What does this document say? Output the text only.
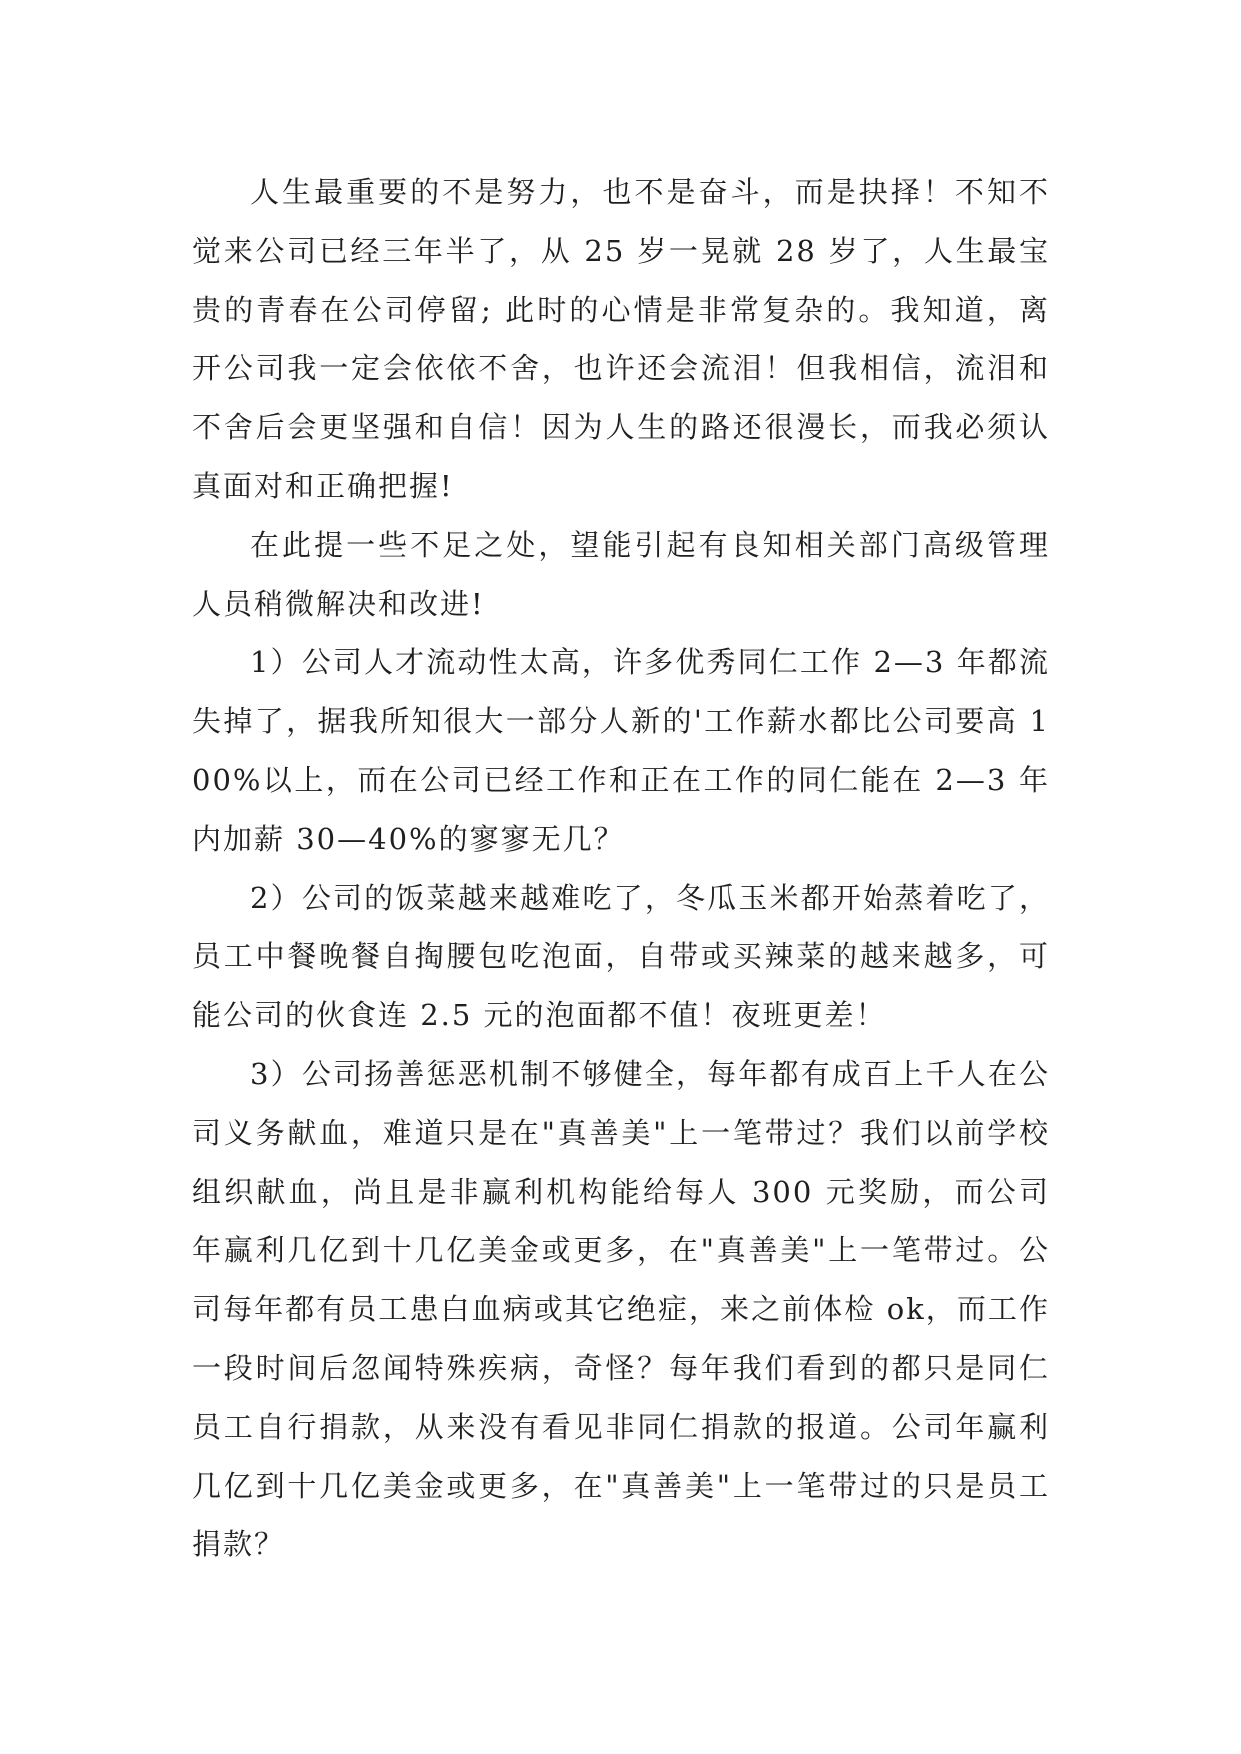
人生最重要的不是努力，也不是奋斗，而是抉择！不知不觉来公司已经三年半了，从 25 岁一晃就 28 岁了，人生最宝贵的青春在公司停留; 此时的心情是非常复杂的。我知道，离开公司我一定会依依不舍，也许还会流泪！但我相信，流泪和不舍后会更坚强和自信！因为人生的路还很漫长，而我必须认真面对和正确把握!

在此提一些不足之处，望能引起有良知相关部门高级管理人员稍微解决和改进!

1）公司人才流动性太高，许多优秀同仁工作 2—3 年都流失掉了，据我所知很大一部分人新的'工作薪水都比公司要高 100%以上，而在公司已经工作和正在工作的同仁能在 2—3 年内加薪 30—40%的寥寥无几？

2）公司的饭菜越来越难吃了，冬瓜玉米都开始蒸着吃了，员工中餐晚餐自掏腰包吃泡面，自带或买辣菜的越来越多，可能公司的伙食连 2.5 元的泡面都不值！夜班更差！

3）公司扬善惩恶机制不够健全，每年都有成百上千人在公司义务献血，难道只是在"真善美"上一笔带过？我们以前学校组织献血，尚且是非赢利机构能给每人 300 元奖励，而公司年赢利几亿到十几亿美金或更多，在"真善美"上一笔带过。公司每年都有员工患白血病或其它绝症，来之前体检 ok，而工作一段时间后忽闻特殊疾病，奇怪？每年我们看到的都只是同仁员工自行捐款，从来没有看见非同仁捐款的报道。公司年赢利几亿到十几亿美金或更多，在"真善美"上一笔带过的只是员工捐款？
